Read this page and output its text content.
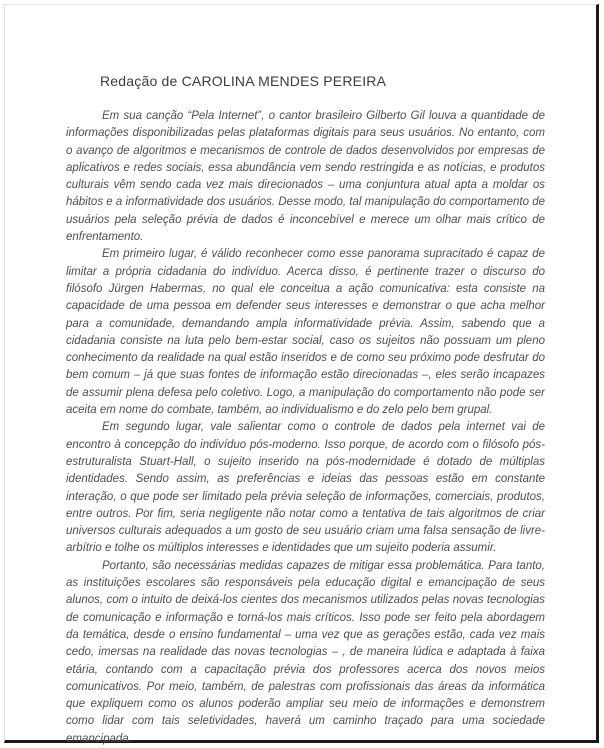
Redação de CAROLINA MENDES PEREIRA

Em sua canção “Pela Internet”, o cantor brasileiro Gilberto Gil louva a quantidade de informações disponibilizadas pelas plataformas digitais para seus usuários. No entanto, com o avanço de algoritmos e mecanismos de controle de dados desenvolvidos por empresas de aplicativos e redes sociais, essa abundância vem sendo restringida e as notícias, e produtos culturais vêm sendo cada vez mais direcionados – uma conjuntura atual apta a moldar os hábitos e a informatividade dos usuários. Desse modo, tal manipulação do comportamento de usuários pela seleção prévia de dados é inconcebível e merece um olhar mais crítico de enfrentamento.

Em primeiro lugar, é válido reconhecer como esse panorama supracitado é capaz de limitar a própria cidadania do indivíduo. Acerca disso, é pertinente trazer o discurso do filósofo Jürgen Habermas, no qual ele conceitua a ação comunicativa: esta consiste na capacidade de uma pessoa em defender seus interesses e demonstrar o que acha melhor para a comunidade, demandando ampla informatividade prévia. Assim, sabendo que a cidadania consiste na luta pelo bem-estar social, caso os sujeitos não possuam um pleno conhecimento da realidade na qual estão inseridos e de como seu próximo pode desfrutar do bem comum – já que suas fontes de informação estão direcionadas –, eles serão incapazes de assumir plena defesa pelo coletivo. Logo, a manipulação do comportamento não pode ser aceita em nome do combate, também, ao individualismo e do zelo pelo bem grupal.

Em segundo lugar, vale salientar como o controle de dados pela internet vai de encontro à concepção do indivíduo pós-moderno. Isso porque, de acordo com o filósofo pós-estruturalista Stuart-Hall, o sujeito inserido na pós-modernidade é dotado de múltiplas identidades. Sendo assim, as preferências e ideias das pessoas estão em constante interação, o que pode ser limitado pela prévia seleção de informações, comerciais, produtos, entre outros. Por fim, seria negligente não notar como a tentativa de tais algoritmos de criar universos culturais adequados a um gosto de seu usuário criam uma falsa sensação de livre-arbítrio e tolhe os múltiplos interesses e identidades que um sujeito poderia assumir.

Portanto, são necessárias medidas capazes de mitigar essa problemática. Para tanto, as instituições escolares são responsáveis pela educação digital e emancipação de seus alunos, com o intuito de deixá-los cientes dos mecanismos utilizados pelas novas tecnologias de comunicação e informação e torná-los mais críticos. Isso pode ser feito pela abordagem da temática, desde o ensino fundamental – uma vez que as gerações estão, cada vez mais cedo, imersas na realidade das novas tecnologias – , de maneira lúdica e adaptada à faixa etária, contando com a capacitação prévia dos professores acerca dos novos meios comunicativos. Por meio, também, de palestras com profissionais das áreas da informática que expliquem como os alunos poderão ampliar seu meio de informações e demonstrem como lidar com tais seletividades, haverá um caminho traçado para uma sociedade emancipada.
